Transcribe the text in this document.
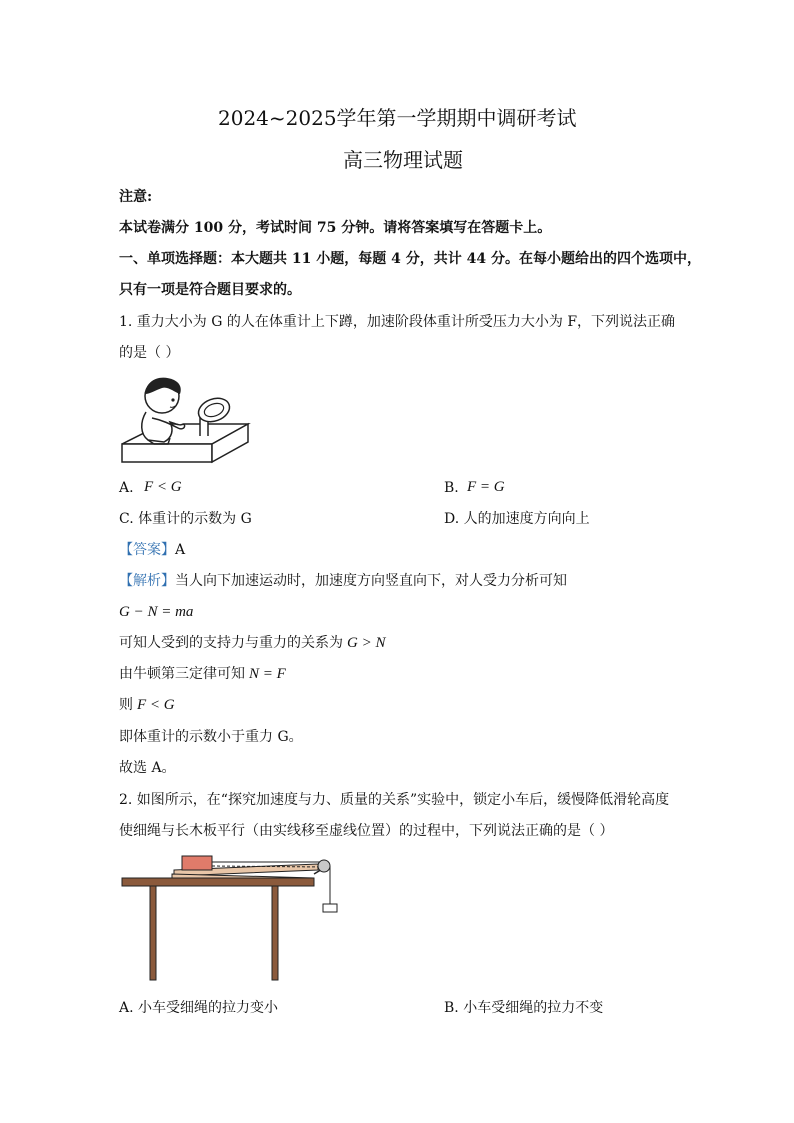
2024~2025学年第一学期期中调研考试
高三物理试题
注意:
本试卷满分 100 分，考试时间 75 分钟。请将答案填写在答题卡上。
一、单项选择题：本大题共 11 小题，每题 4 分，共计 44 分。在每小题给出的四个选项中，
只有一项是符合题目要求的。
1. 重力大小为 G 的人在体重计上下蹲，加速阶段体重计所受压力大小为 F，下列说法正确
的是（ ）
A. F < G	B. F = G
C. 体重计的示数为 G	D. 人的加速度方向向上
【答案】A
【解析】当人向下加速运动时，加速度方向竖直向下，对人受力分析可知
G − N = ma
可知人受到的支持力与重力的关系为 G > N
由牛顿第三定律可知 N = F
则 F < G
即体重计的示数小于重力 G。
故选 A。
2. 如图所示，在“探究加速度与力、质量的关系”实验中，锁定小车后，缓慢降低滑轮高度
使细绳与长木板平行（由实线移至虚线位置）的过程中，下列说法正确的是（ ）
A. 小车受细绳的拉力变小	B. 小车受细绳的拉力不变
